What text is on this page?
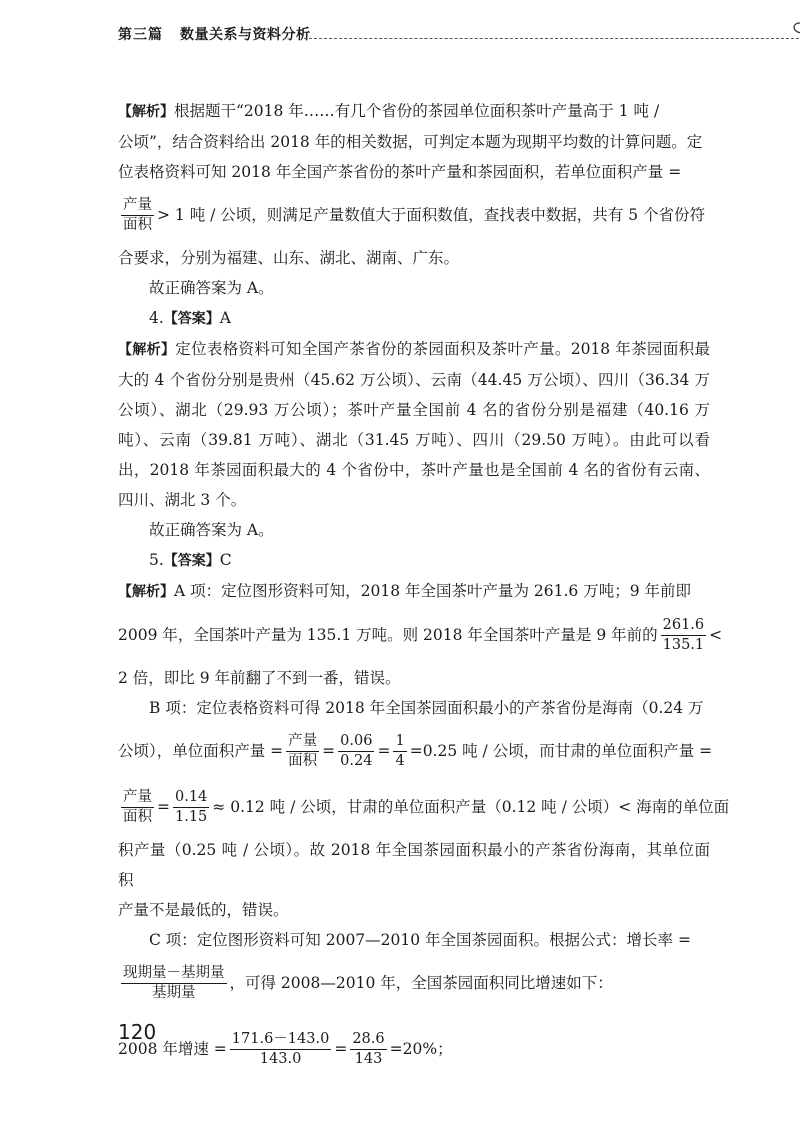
第三篇 数量关系与资料分析

【解析】根据题干“2018 年……有几个省份的茶园单位面积茶叶产量高于 1 吨 /

公顷”，结合资料给出 2018 年的相关数据，可判定本题为现期平均数的计算问题。定

位表格资料可知 2018 年全国产茶省份的茶叶产量和茶园面积，若单位面积产量 =

$\frac{\text{产量}}{\text{面积}} > 1$ 吨 / 公顷，则满足产量数值大于面积数值，查找表中数据，共有 5 个省份符

合要求，分别为福建、山东、湖北、湖南、广东。

故正确答案为 A。

4.【答案】A

【解析】定位表格资料可知全国产茶省份的茶园面积及茶叶产量。2018 年茶园面积最大的 4 个省份分别是贵州（45.62 万公顷）、云南（44.45 万公顷）、四川（36.34 万公顷）、湖北（29.93 万公顷）；茶叶产量全国前 4 名的省份分别是福建（40.16 万吨）、云南（39.81 万吨）、湖北（31.45 万吨）、四川（29.50 万吨）。由此可以看出，2018 年茶园面积最大的 4 个省份中，茶叶产量也是全国前 4 名的省份有云南、四川、湖北 3 个。

故正确答案为 A。

5.【答案】C

【解析】A 项：定位图形资料可知，2018 年全国茶叶产量为 261.6 万吨；9 年前即

2009 年，全国茶叶产量为 135.1 万吨。则 2018 年全国茶叶产量是 9 年前的 $\frac{261.6}{135.1}$ <

2 倍，即比 9 年前翻了不到一番，错误。

B 项：定位表格资料可得 2018 年全国茶园面积最小的产茶省份是海南（0.24 万

公顷），单位面积产量 = $\frac{\text{产量}}{\text{面积}} = \frac{0.06}{0.24} = \frac{1}{4} =0.25$ 吨 / 公顷，而甘肃的单位面积产量 =
$\frac{\text{产量}}{\text{面积}} = \frac{0.14}{1.15} \approx 0.12$ 吨 / 公顷，甘肃的单位面积产量（0.12 吨 / 公顷）< 海南的单位面

积产量（0.25 吨 / 公顷）。故 2018 年全国茶园面积最小的产茶省份海南，其单位面积

产量不是最低的，错误。

C 项：定位图形资料可知 2007—2010 年全国茶园面积。根据公式：增长率 =

$\frac{\text{现期量－基期量}}{\text{基期量}}$ ，可得 2008—2010 年，全国茶园面积同比增速如下：
2008 年增速 = $\frac{171.6-143.0}{143.0} = \frac{28.6}{143} =20\%$；
120
